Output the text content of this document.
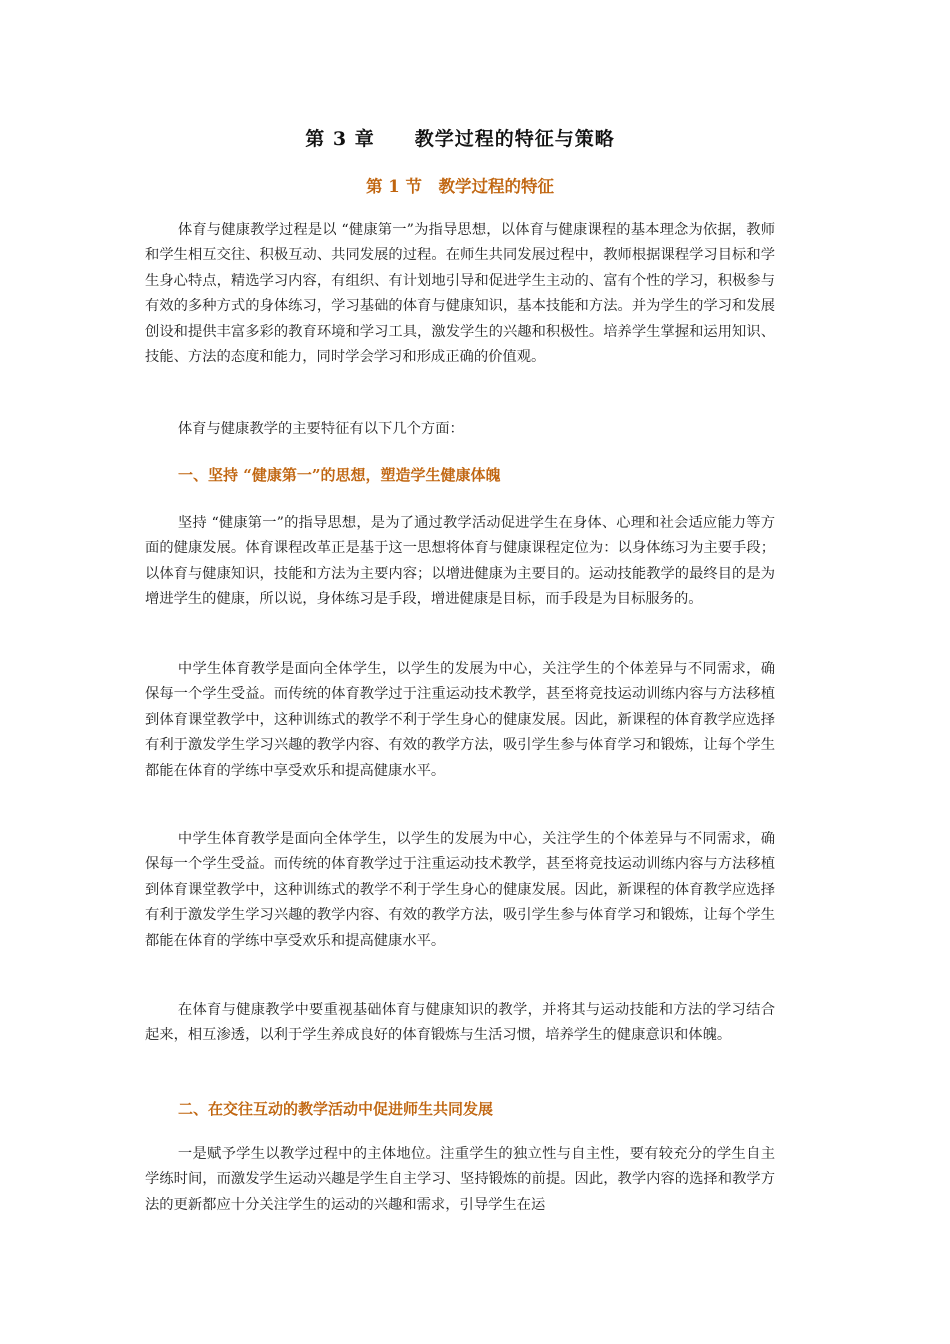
第 3 章　　教学过程的特征与策略
第 1 节　教学过程的特征

体育与健康教学过程是以 “健康第一”为指导思想，以体育与健康课程的基本理念为依据，教师和学生相互交往、积极互动、共同发展的过程。在师生共同发展过程中，教师根据课程学习目标和学生身心特点，精选学习内容，有组织、有计划地引导和促进学生主动的、富有个性的学习，积极参与有效的多种方式的身体练习，学习基础的体育与健康知识，基本技能和方法。并为学生的学习和发展创设和提供丰富多彩的教育环境和学习工具，激发学生的兴趣和积极性。培养学生掌握和运用知识、技能、方法的态度和能力，同时学会学习和形成正确的价值观。

体育与健康教学的主要特征有以下几个方面：

一、坚持 “健康第一”的思想，塑造学生健康体魄

坚持 “健康第一”的指导思想，是为了通过教学活动促进学生在身体、心理和社会适应能力等方面的健康发展。体育课程改革正是基于这一思想将体育与健康课程定位为：以身体练习为主要手段；以体育与健康知识，技能和方法为主要内容；以增进健康为主要目的。运动技能教学的最终目的是为增进学生的健康，所以说，身体练习是手段，增进健康是目标，而手段是为目标服务的。

中学生体育教学是面向全体学生，以学生的发展为中心，关注学生的个体差异与不同需求，确保每一个学生受益。而传统的体育教学过于注重运动技术教学，甚至将竞技运动训练内容与方法移植到体育课堂教学中，这种训练式的教学不利于学生身心的健康发展。因此，新课程的体育教学应选择有利于激发学生学习兴趣的教学内容、有效的教学方法，吸引学生参与体育学习和锻炼，让每个学生都能在体育的学练中享受欢乐和提高健康水平。

中学生体育教学是面向全体学生，以学生的发展为中心，关注学生的个体差异与不同需求，确保每一个学生受益。而传统的体育教学过于注重运动技术教学，甚至将竞技运动训练内容与方法移植到体育课堂教学中，这种训练式的教学不利于学生身心的健康发展。因此，新课程的体育教学应选择有利于激发学生学习兴趣的教学内容、有效的教学方法，吸引学生参与体育学习和锻炼，让每个学生都能在体育的学练中享受欢乐和提高健康水平。

在体育与健康教学中要重视基础体育与健康知识的教学，并将其与运动技能和方法的学习结合起来，相互渗透，以利于学生养成良好的体育锻炼与生活习惯，培养学生的健康意识和体魄。

二、在交往互动的教学活动中促进师生共同发展

一是赋予学生以教学过程中的主体地位。注重学生的独立性与自主性，要有较充分的学生自主学练时间，而激发学生运动兴趣是学生自主学习、坚持锻炼的前提。因此，教学内容的选择和教学方法的更新都应十分关注学生的运动的兴趣和需求，引导学生在运
